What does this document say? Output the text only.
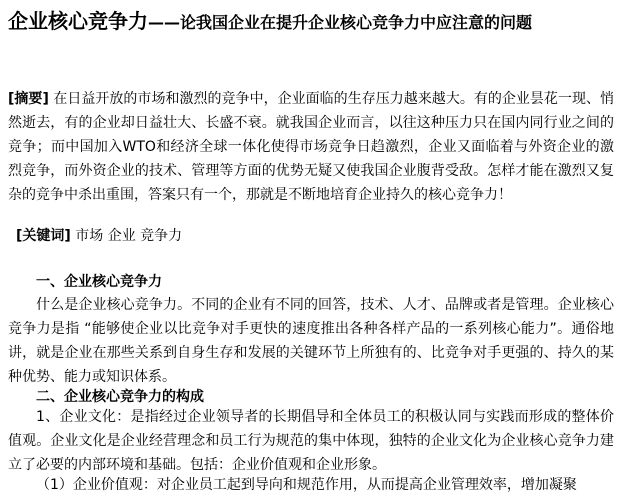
企业核心竞争力——论我国企业在提升企业核心竞争力中应注意的问题
[摘要] 在日益开放的市场和激烈的竞争中，企业面临的生存压力越来越大。有的企业昙花一现、悄然逝去，有的企业却日益壮大、长盛不衰。就我国企业而言，以往这种压力只在国内同行业之间的竞争；而中国加入WTO和经济全球一体化使得市场竞争日趋激烈，企业又面临着与外资企业的激烈竞争，而外资企业的技术、管理等方面的优势无疑又使我国企业腹背受敌。怎样才能在激烈又复杂的竞争中杀出重围，答案只有一个，那就是不断地培育企业持久的核心竞争力！
[关键词] 市场 企业 竞争力
一、企业核心竞争力
什么是企业核心竞争力。不同的企业有不同的回答，技术、人才、品牌或者是管理。企业核心竞争力是指 “能够使企业以比竞争对手更快的速度推出各种各样产品的一系列核心能力”。通俗地讲，就是企业在那些关系到自身生存和发展的关键环节上所独有的、比竞争对手更强的、持久的某种优势、能力或知识体系。
二、企业核心竞争力的构成
1、企业文化：是指经过企业领导者的长期倡导和全体员工的积极认同与实践而形成的整体价值观。企业文化是企业经营理念和员工行为规范的集中体现，独特的企业文化为企业核心竞争力建立了必要的内部环境和基础。包括：企业价值观和企业形象。
（1）企业价值观：对企业员工起到导向和规范作用，从而提高企业管理效率，增加凝聚
